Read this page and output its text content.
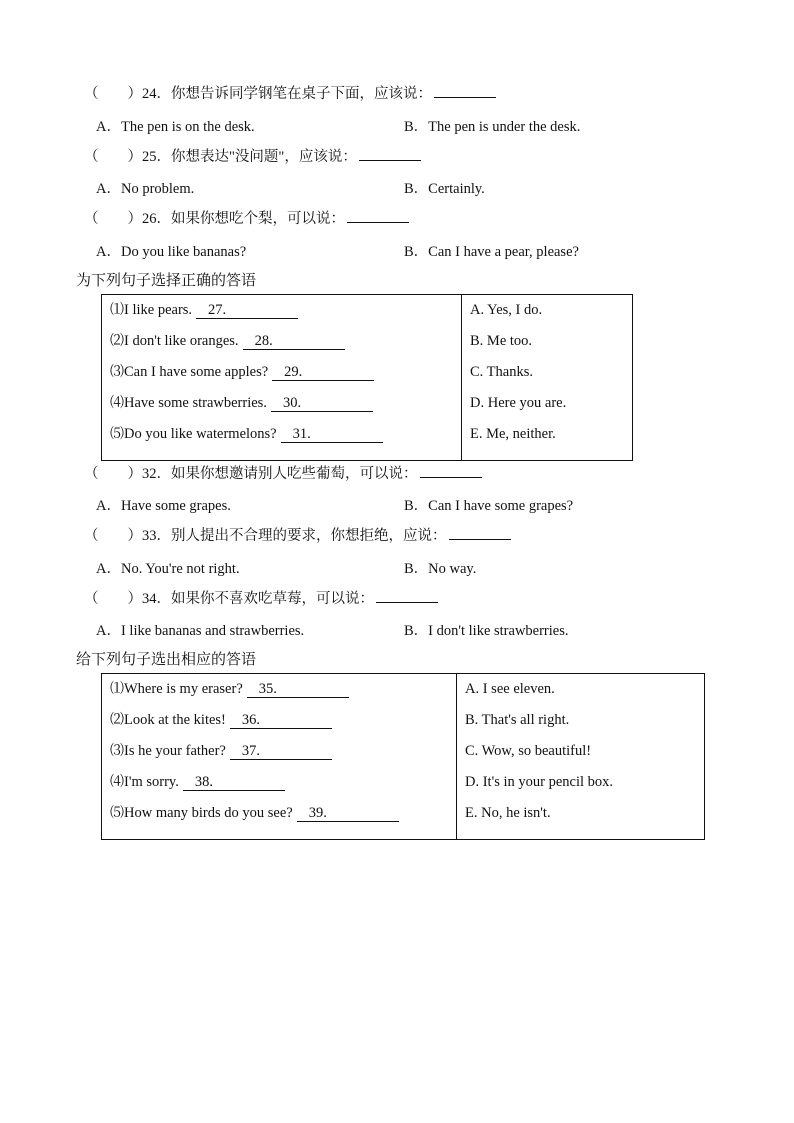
（　　）24．你想告诉同学钢笔在桌子下面，应该说：
A．The pen is on the desk.	B．The pen is under the desk.
（　　）25．你想表达"没问题"，应该说：
A．No problem.	B．Certainly.
（　　）26．如果你想吃个梨，可以说：
A．Do you like bananas?	B．Can I have a pear, please?
为下列句子选择正确的答语
⑴I like pears. 27.
⑵I don't like oranges. 28.
⑶Can I have some apples? 29.
⑷Have some strawberries. 30.
⑸Do you like watermelons? 31.

A. Yes, I do.
B. Me too.
C. Thanks.
D. Here you are.
E. Me, neither.
（　　）32．如果你想邀请别人吃些葡萄，可以说：
A．Have some grapes.	B．Can I have some grapes?
（　　）33．别人提出不合理的要求，你想拒绝，应说：
A．No. You're not right.	B．No way.
（　　）34．如果你不喜欢吃草莓，可以说：
A．I like bananas and strawberries.	B．I don't like strawberries.
给下列句子选出相应的答语
⑴Where is my eraser? 35.
⑵Look at the kites! 36.
⑶Is he your father? 37.
⑷I'm sorry. 38.
⑸How many birds do you see? 39.

A. I see eleven.
B. That's all right.
C. Wow, so beautiful!
D. It's in your pencil box.
E. No, he isn't.
